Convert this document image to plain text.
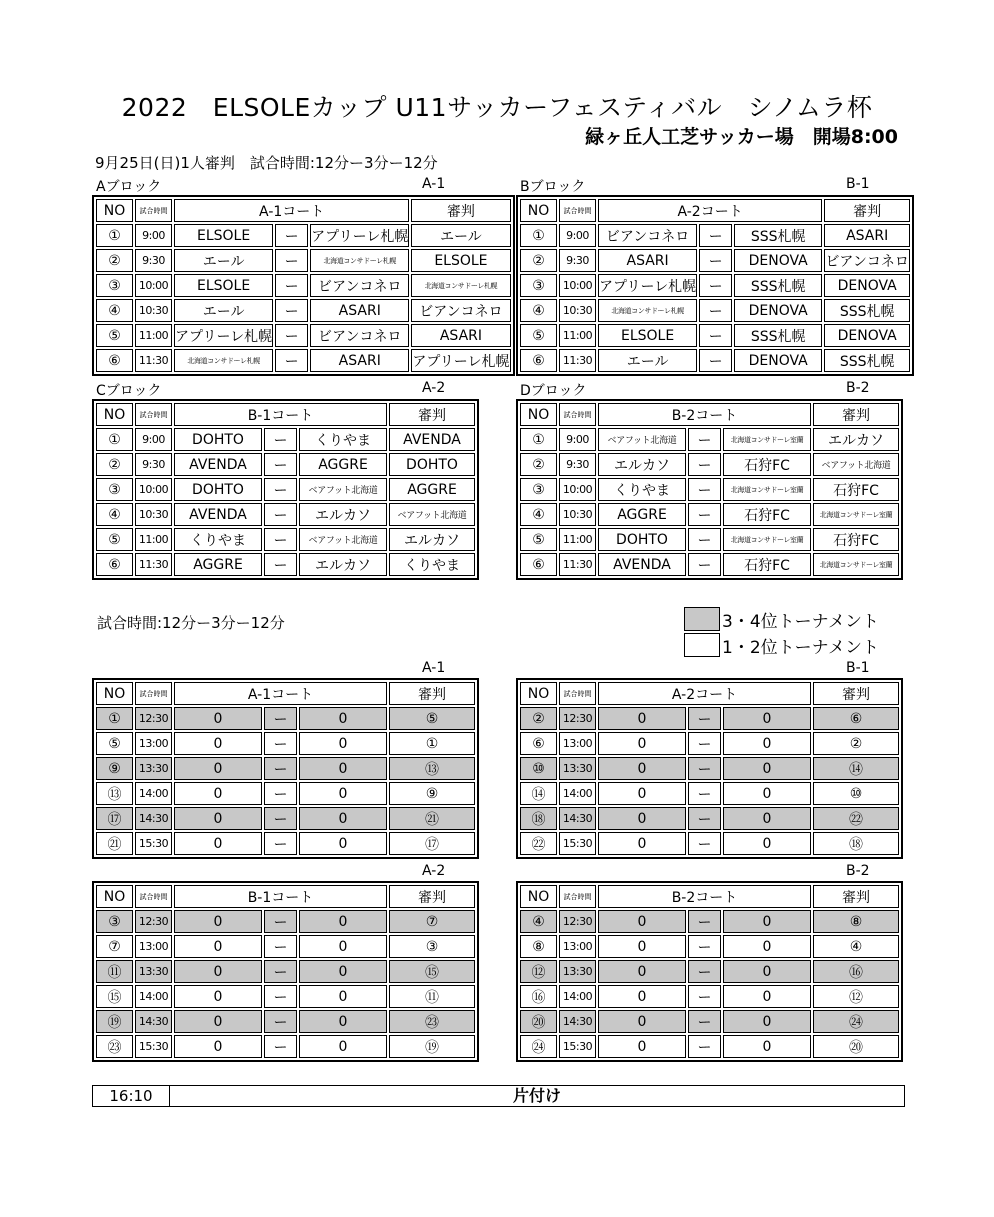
2022　ELSOLEカップ U11サッカーフェスティバル　シノムラ杯
緑ヶ丘人工芝サッカー場　開場8:00
9月25日(日)1人審判　試合時間:12分ー3分ー12分
Aブロック	A-1	Bブロック	B-1
Cブロック	A-2	Dブロック	B-2
NO	試合時間	A-1コート			審判
①	9:00	ELSOLE	ー	アプリーレ札幌	エール
②	9:30	エール	ー	北海道コンサドーレ札幌	ELSOLE
③	10:00	ELSOLE	ー	ビアンコネロ	北海道コンサドーレ札幌
④	10:30	エール	ー	ASARI	ビアンコネロ
⑤	11:00	アプリーレ札幌	ー	ビアンコネロ	ASARI
⑥	11:30	北海道コンサドーレ札幌	ー	ASARI	アプリーレ札幌
NO	試合時間	A-2コート			審判
①	9:00	ビアンコネロ	ー	SSS札幌	ASARI
②	9:30	ASARI	ー	DENOVA	ビアンコネロ
③	10:00	アプリーレ札幌	ー	SSS札幌	DENOVA
④	10:30	北海道コンサドーレ札幌	ー	DENOVA	SSS札幌
⑤	11:00	ELSOLE	ー	SSS札幌	DENOVA
⑥	11:30	エール	ー	DENOVA	SSS札幌
NO	試合時間	B-1コート			審判
①	9:00	DOHTO	ー	くりやま	AVENDA
②	9:30	AVENDA	ー	AGGRE	DOHTO
③	10:00	DOHTO	ー	ベアフット北海道	AGGRE
④	10:30	AVENDA	ー	エルカソ	ベアフット北海道
⑤	11:00	くりやま	ー	ベアフット北海道	エルカソ
⑥	11:30	AGGRE	ー	エルカソ	くりやま
NO	試合時間	B-2コート			審判
①	9:00	ベアフット北海道	ー	北海道コンサドーレ室蘭	エルカソ
②	9:30	エルカソ	ー	石狩FC	ベアフット北海道
③	10:00	くりやま	ー	北海道コンサドーレ室蘭	石狩FC
④	10:30	AGGRE	ー	石狩FC	北海道コンサドーレ室蘭
⑤	11:00	DOHTO	ー	北海道コンサドーレ室蘭	石狩FC
⑥	11:30	AVENDA	ー	石狩FC	北海道コンサドーレ室蘭
試合時間:12分ー3分ー12分	3・4位トーナメント
1・2位トーナメント
A-1	B-1
A-2	B-2
NO	試合時間	A-1コート			審判
①	12:30	0	ー	0	⑤
⑤	13:00	0	ー	0	①
⑨	13:30	0	ー	0	⑬
⑬	14:00	0	ー	0	⑨
⑰	14:30	0	ー	0	㉑
㉑	15:30	0	ー	0	⑰
NO	試合時間	A-2コート			審判
②	12:30	0	ー	0	⑥
⑥	13:00	0	ー	0	②
⑩	13:30	0	ー	0	⑭
⑭	14:00	0	ー	0	⑩
⑱	14:30	0	ー	0	㉒
㉒	15:30	0	ー	0	⑱
NO	試合時間	B-1コート			審判
③	12:30	0	ー	0	⑦
⑦	13:00	0	ー	0	③
⑪	13:30	0	ー	0	⑮
⑮	14:00	0	ー	0	⑪
⑲	14:30	0	ー	0	㉓
㉓	15:30	0	ー	0	⑲
NO	試合時間	B-2コート			審判
④	12:30	0	ー	0	⑧
⑧	13:00	0	ー	0	④
⑫	13:30	0	ー	0	⑯
⑯	14:00	0	ー	0	⑫
⑳	14:30	0	ー	0	㉔
㉔	15:30	0	ー	0	⑳
16:10	片付け
